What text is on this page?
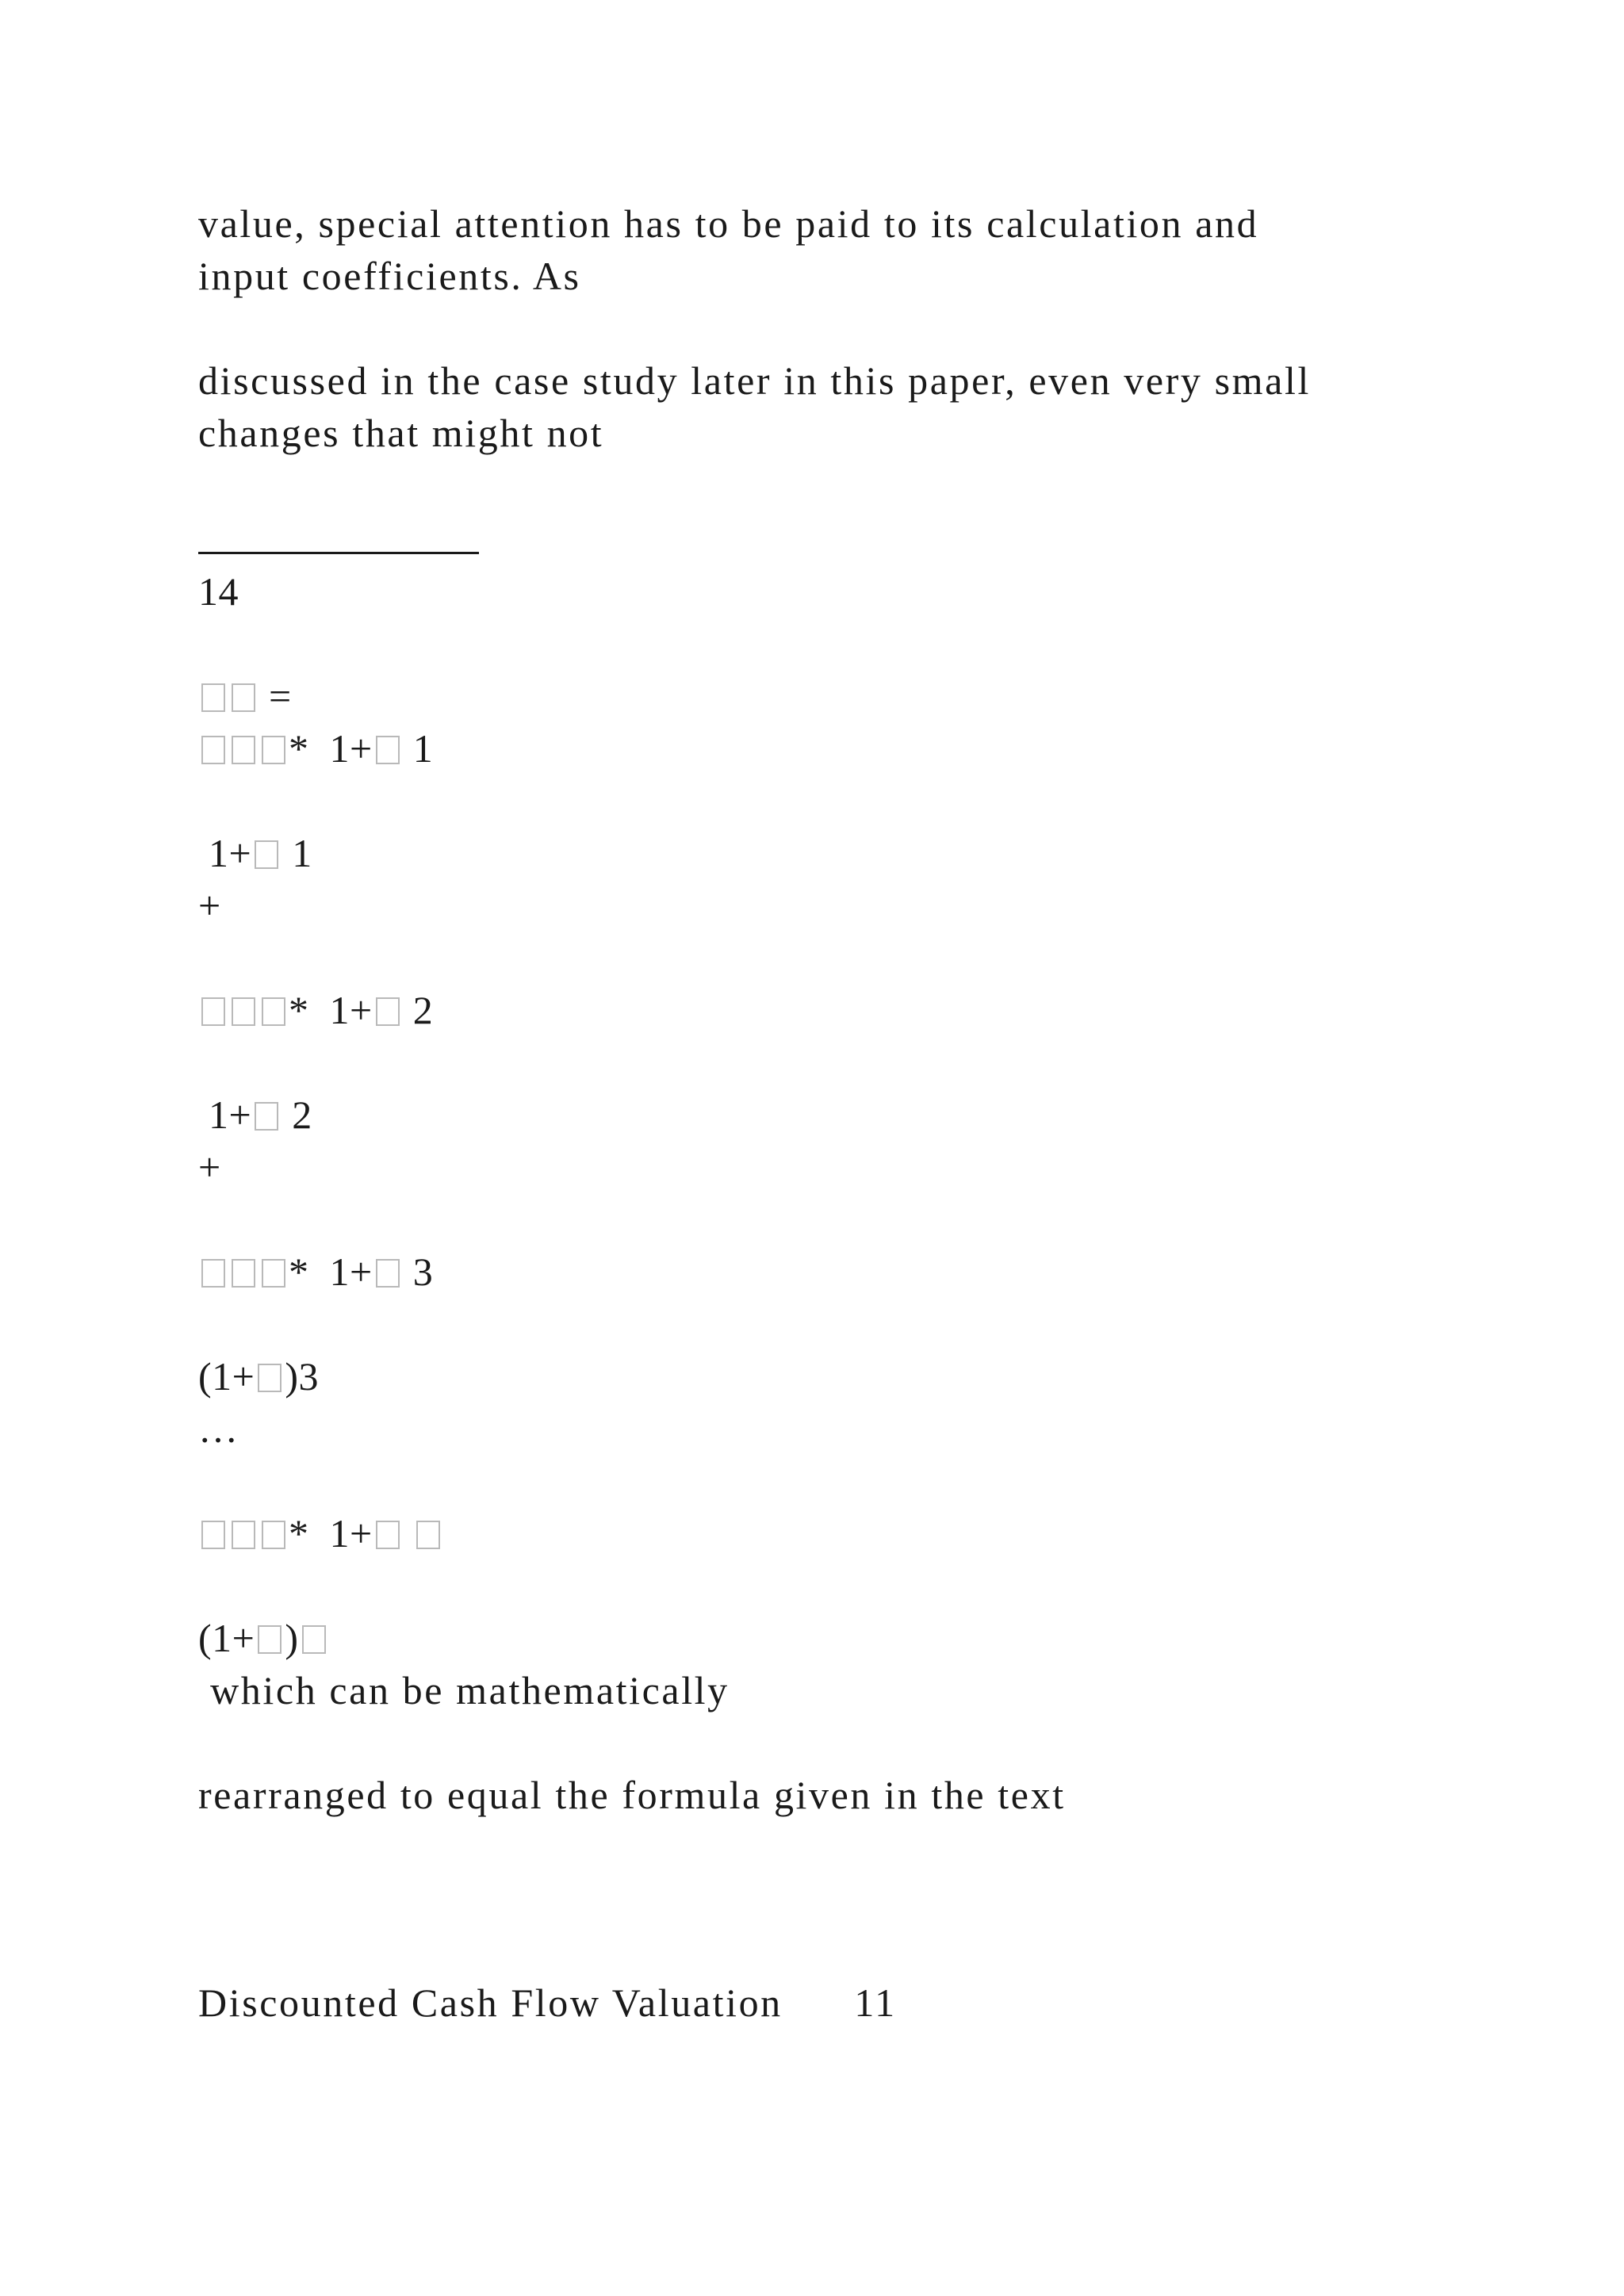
value, special attention has to be paid to its calculation and
input coefficients. As
discussed in the case study later in this paper, even very small
changes that might not
14
=
*  1+ 1
1+ 1
+
*  1+ 2
1+ 2
+
*  1+ 3
(1+ )3
…
*  1+
(1+ )
which can be mathematically
rearranged to equal the formula given in the text
Discounted Cash Flow Valuation 11
